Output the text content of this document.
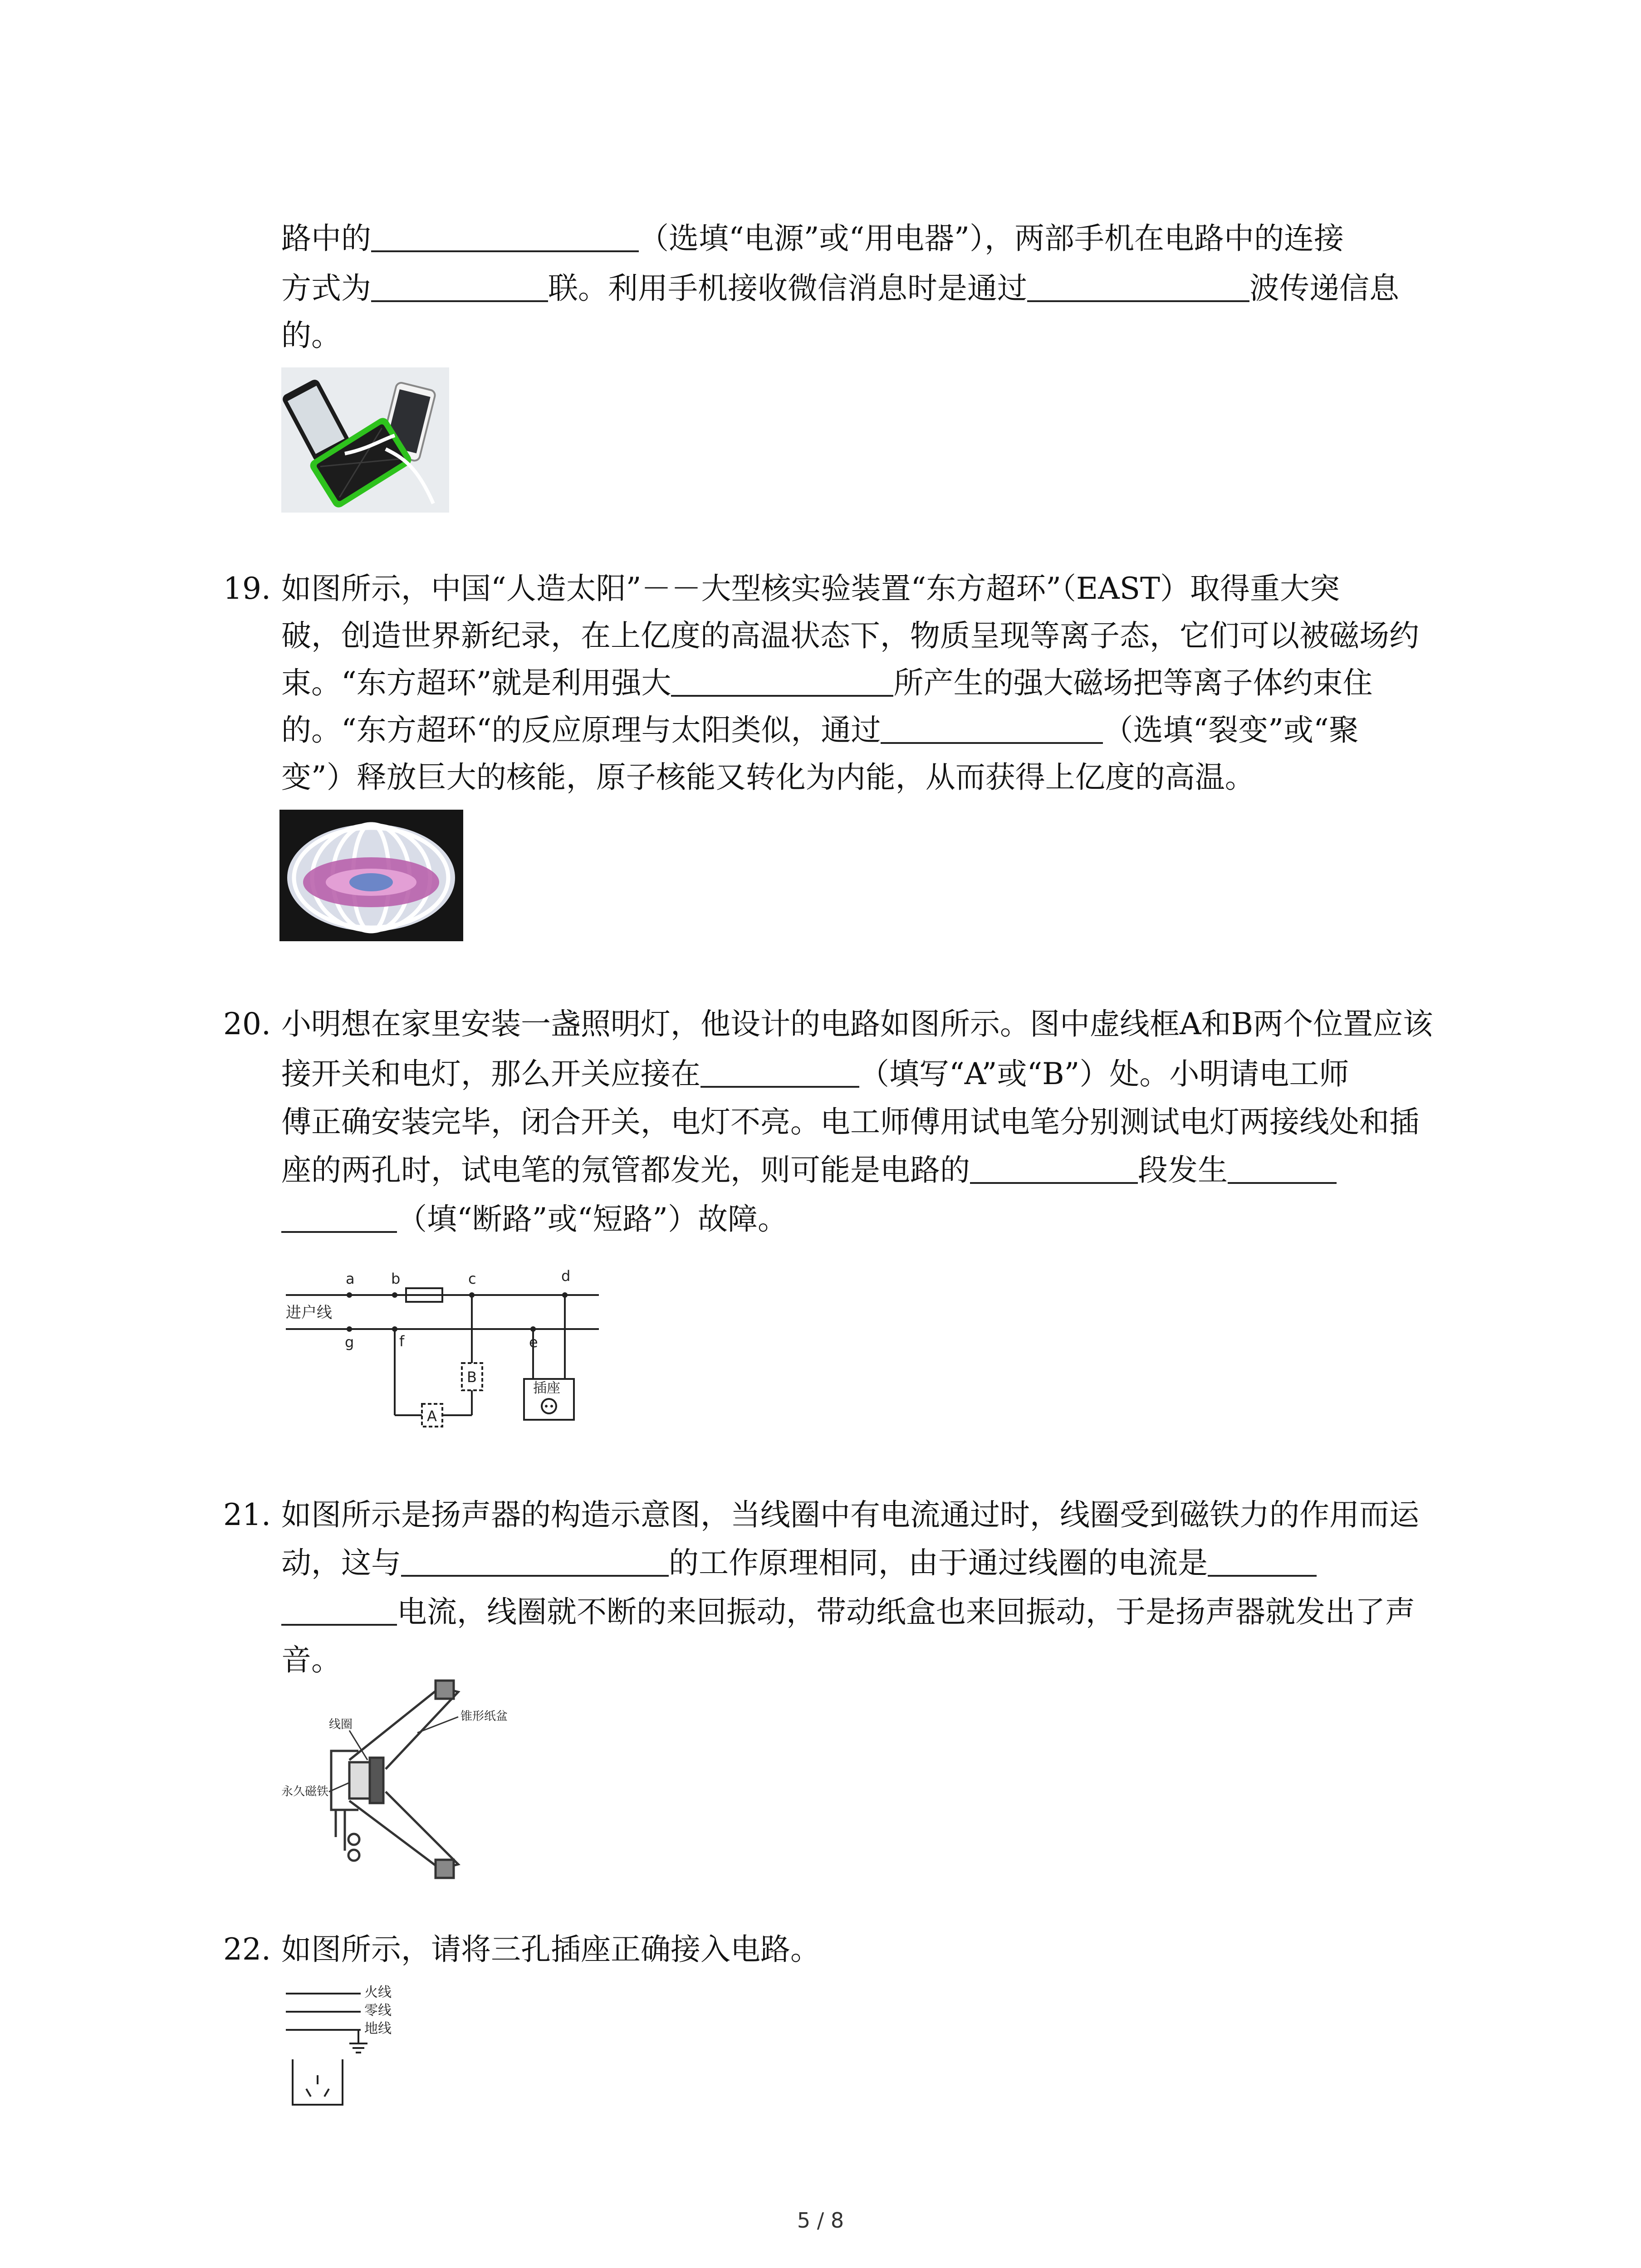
路中的	（选填“电源”或“用电器”），两部手机在电路中的连接
方式为	联。利用手机接收微信消息时是通过	波传递信息
的。
19. 如图所示，中国“人造太阳”－－大型核实验装置“东方超环”（EAST）取得重大突
破，创造世界新纪录，在上亿度的高温状态下，物质呈现等离子态，它们可以被磁场约
束。“东方超环”就是利用强大	所产生的强大磁场把等离子体约束住
的。“东方超环“的反应原理与太阳类似，通过	（选填“裂变”或“聚
变”）释放巨大的核能，原子核能又转化为内能，从而获得上亿度的高温。
20. 小明想在家里安装一盏照明灯，他设计的电路如图所示。图中虚线框A和B两个位置应该
接开关和电灯，那么开关应接在	（填写“A”或“B”）处。小明请电工师
傅正确安装完毕，闭合开关，电灯不亮。电工师傅用试电笔分别测试电灯两接线处和插
座的两孔时，试电笔的氖管都发光，则可能是电路的	段发生
（填“断路”或“短路”）故障。
a	b	c	d
e
f
g
进户线
A
B
插座
21. 如图所示是扬声器的构造示意图，当线圈中有电流通过时，线圈受到磁铁力的作用而运
动，这与	的工作原理相同，由于通过线圈的电流是
电流，线圈就不断的来回振动，带动纸盒也来回振动，于是扬声器就发出了声
音。
线圈
锥形纸盆
永久磁铁
22. 如图所示，请将三孔插座正确接入电路。
火线
零线
地线
5 / 8
